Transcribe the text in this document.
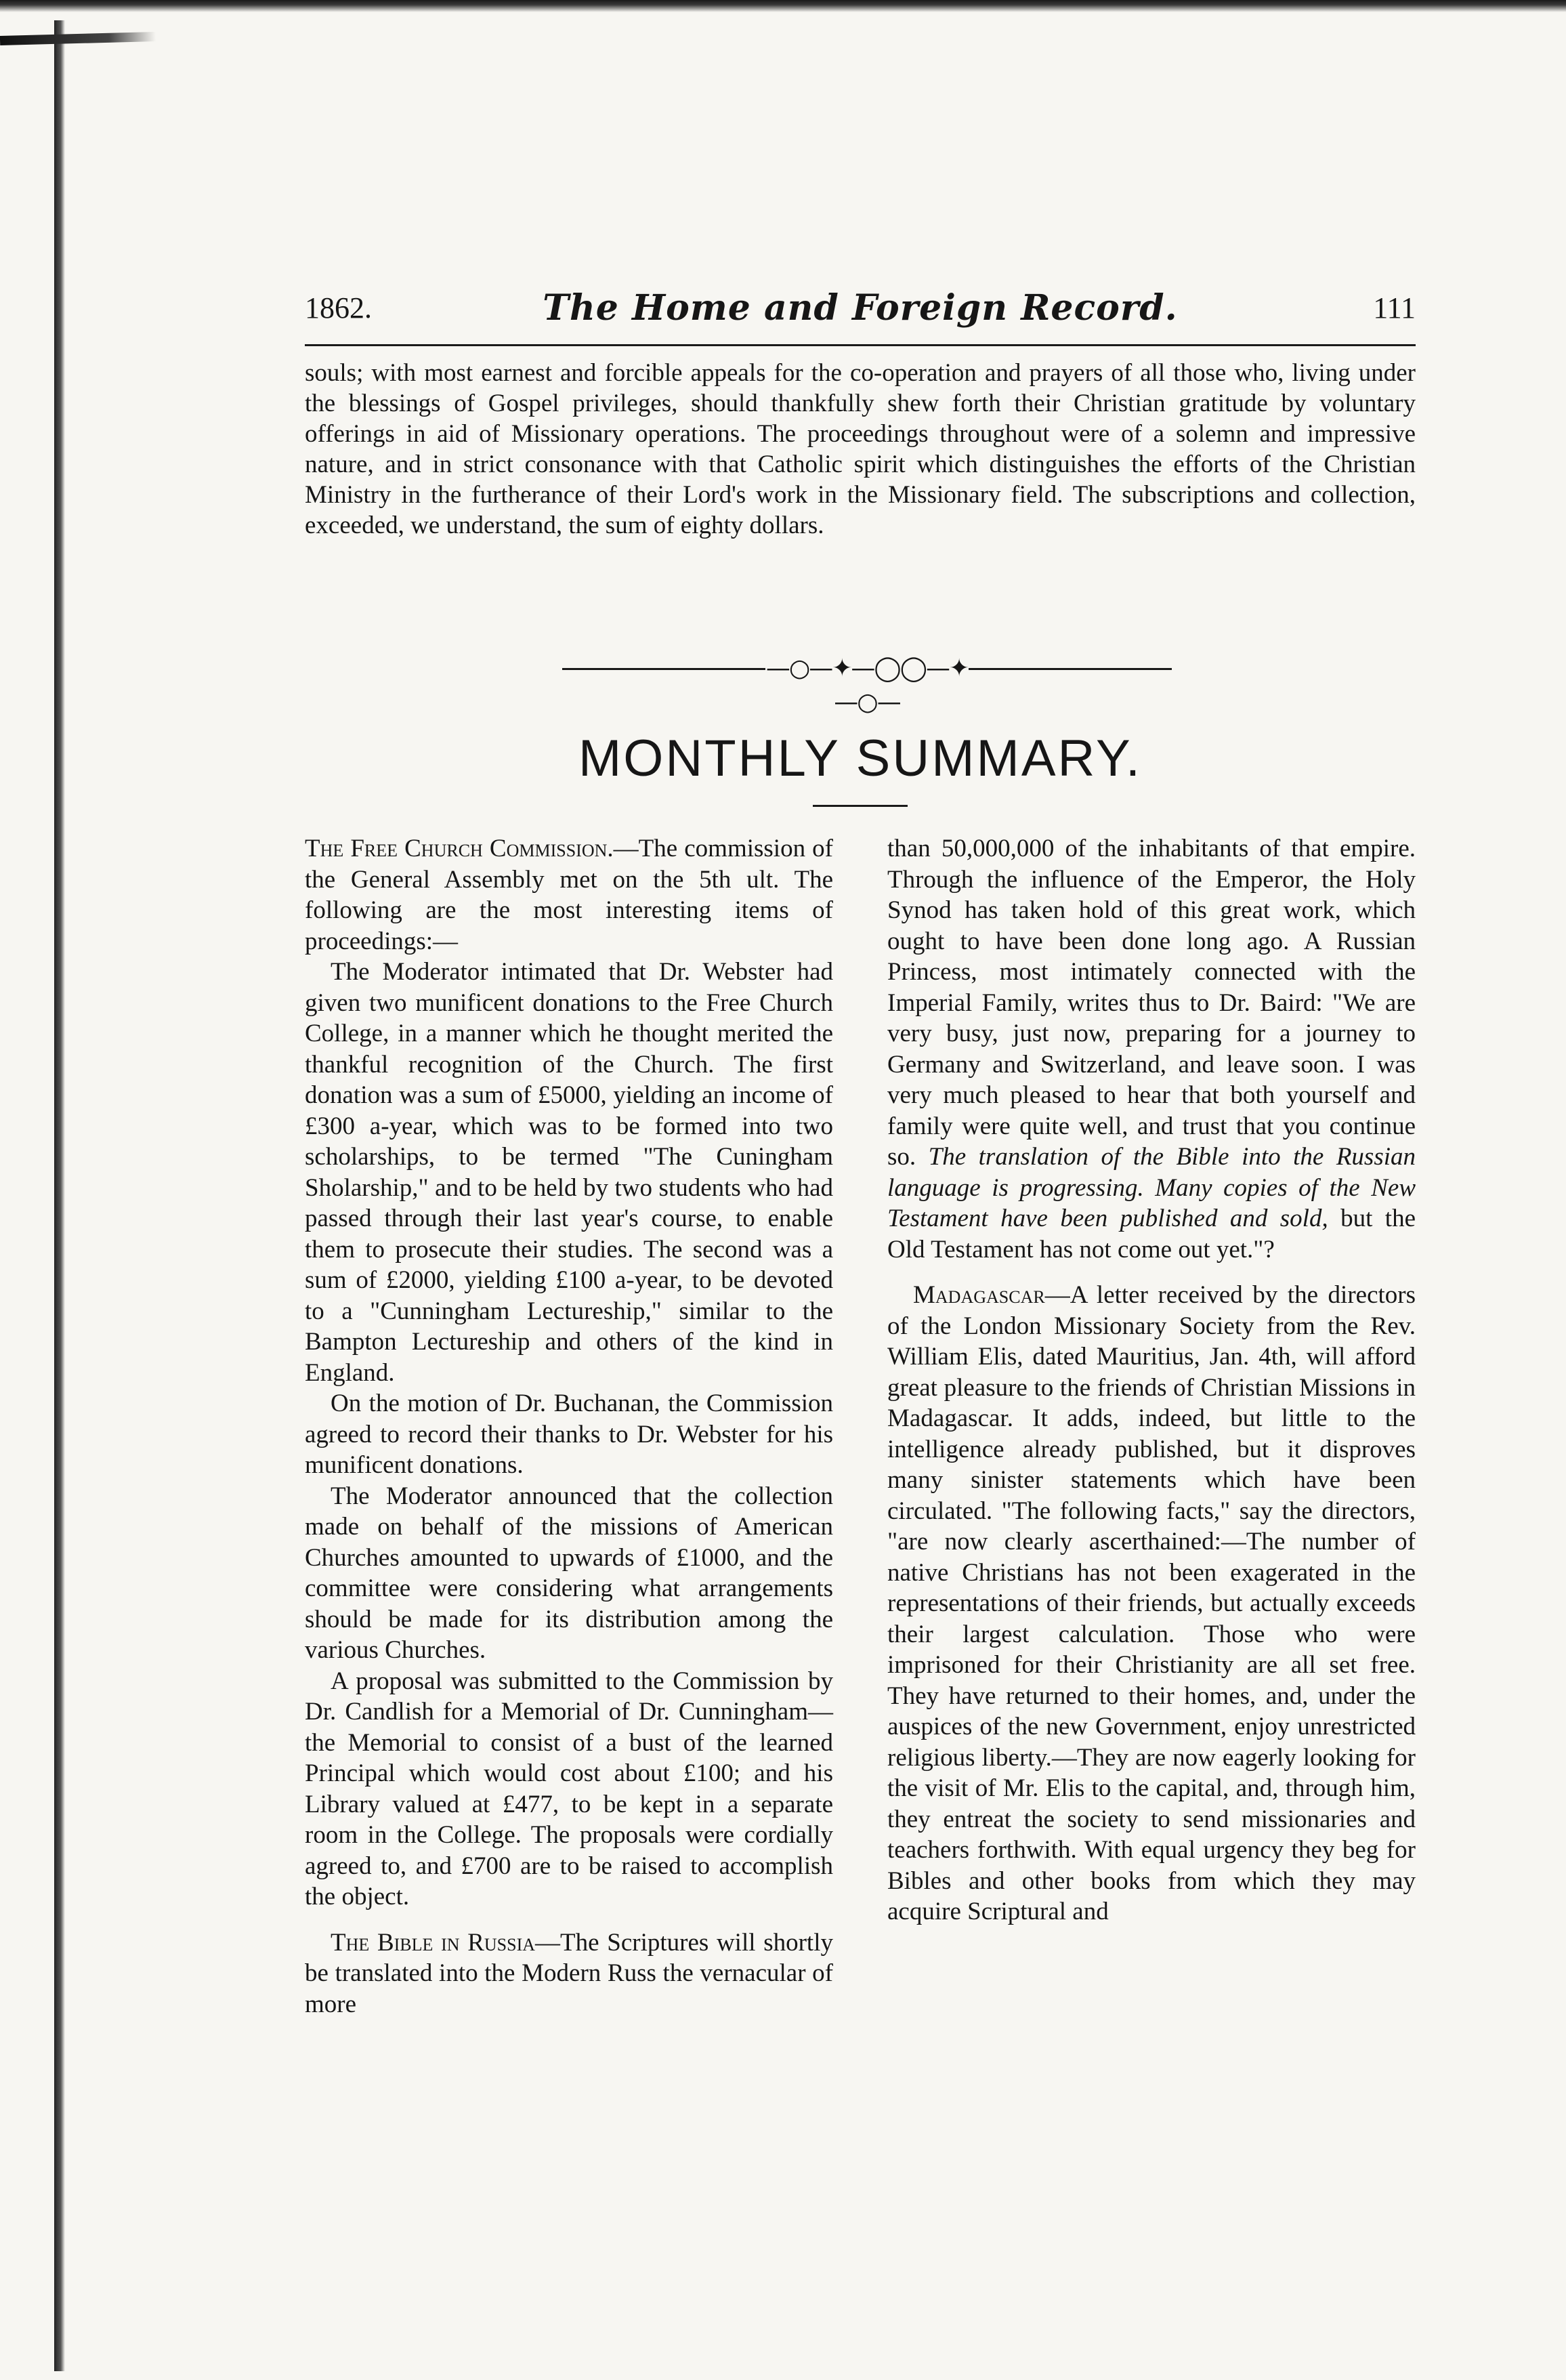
1862.	The Home and Foreign Record.	111
souls; with most earnest and forcible appeals for the co-operation and prayers of all those who, living under the blessings of Gospel privileges, should thankfully shew forth their Christian gratitude by voluntary offerings in aid of Missionary operations. The proceedings throughout were of a solemn and impressive nature, and in strict consonance with that Catholic spirit which distinguishes the efforts of the Christian Ministry in the furtherance of their Lord's work in the Missionary field. The subscriptions and collection, exceeded, we understand, the sum of eighty dollars.
—○—✦—◯◯—✦—○—
MONTHLY SUMMARY.

The Free Church Commission.—The commission of the General Assembly met on the 5th ult. The following are the most interesting items of proceedings:—

The Moderator intimated that Dr. Webster had given two munificent donations to the Free Church College, in a manner which he thought merited the thankful recognition of the Church. The first donation was a sum of £5000, yielding an income of £300 a-year, which was to be formed into two scholarships, to be termed "The Cuningham Sholarship," and to be held by two students who had passed through their last year's course, to enable them to prosecute their studies. The second was a sum of £2000, yielding £100 a-year, to be devoted to a "Cunningham Lectureship," similar to the Bampton Lectureship and others of the kind in England.

On the motion of Dr. Buchanan, the Commission agreed to record their thanks to Dr. Webster for his munificent donations.

The Moderator announced that the collection made on behalf of the missions of American Churches amounted to upwards of £1000, and the committee were considering what arrangements should be made for its distribution among the various Churches.

A proposal was submitted to the Commission by Dr. Candlish for a Memorial of Dr. Cunningham—the Memorial to consist of a bust of the learned Principal which would cost about £100; and his Library valued at £477, to be kept in a separate room in the College. The proposals were cordially agreed to, and £700 are to be raised to accomplish the object.

The Bible in Russia—The Scriptures will shortly be translated into the Modern Russ the vernacular of more

than 50,000,000 of the inhabitants of that empire. Through the influence of the Emperor, the Holy Synod has taken hold of this great work, which ought to have been done long ago. A Russian Princess, most intimately connected with the Imperial Family, writes thus to Dr. Baird: "We are very busy, just now, preparing for a journey to Germany and Switzerland, and leave soon. I was very much pleased to hear that both yourself and family were quite well, and trust that you continue so. The translation of the Bible into the Russian language is progressing. Many copies of the New Testament have been published and sold, but the Old Testament has not come out yet."?

Madagascar—A letter received by the directors of the London Missionary Society from the Rev. William Elis, dated Mauritius, Jan. 4th, will afford great pleasure to the friends of Christian Missions in Madagascar. It adds, indeed, but little to the intelligence already published, but it disproves many sinister statements which have been circulated. "The following facts," say the directors, "are now clearly ascerthained:—The number of native Christians has not been exagerated in the representations of their friends, but actually exceeds their largest calculation. Those who were imprisoned for their Christianity are all set free. They have returned to their homes, and, under the auspices of the new Government, enjoy unrestricted religious liberty.—They are now eagerly looking for the visit of Mr. Elis to the capital, and, through him, they entreat the society to send missionaries and teachers forthwith. With equal urgency they beg for Bibles and other books from which they may acquire Scriptural and
